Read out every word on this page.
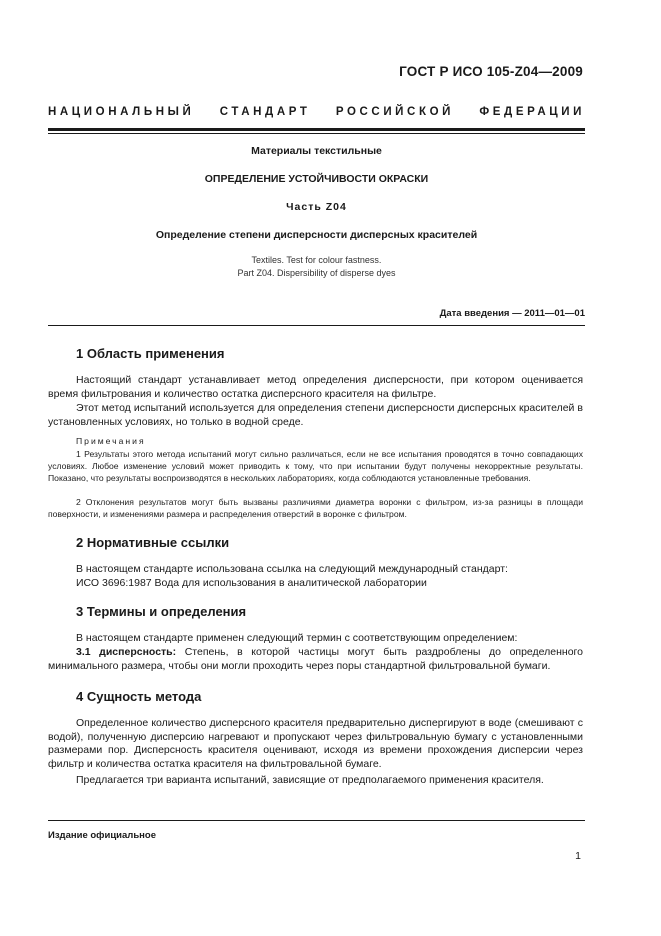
ГОСТ Р ИСО 105-Z04—2009
НАЦИОНАЛЬНЫЙ СТАНДАРТ РОССИЙСКОЙ ФЕДЕРАЦИИ
Материалы текстильные
ОПРЕДЕЛЕНИЕ УСТОЙЧИВОСТИ ОКРАСКИ
Часть Z04
Определение степени дисперсности дисперсных красителей
Textiles. Test for colour fastness.
Part Z04. Dispersibility of disperse dyes
Дата введения — 2011—01—01
1 Область применения
Настоящий стандарт устанавливает метод определения дисперсности, при котором оценивается время фильтрования и количество остатка дисперсного красителя на фильтре.
Этот метод испытаний используется для определения степени дисперсности дисперсных красителей в установленных условиях, но только в водной среде.
Примечания
1 Результаты этого метода испытаний могут сильно различаться, если не все испытания проводятся в точно совпадающих условиях. Любое изменение условий может приводить к тому, что при испытании будут получены некорректные результаты. Показано, что результаты воспроизводятся в нескольких лабораториях, когда соблюдаются установленные требования.
2 Отклонения результатов могут быть вызваны различиями диаметра воронки с фильтром, из-за разницы в площади поверхности, и изменениями размера и распределения отверстий в воронке с фильтром.
2 Нормативные ссылки
В настоящем стандарте использована ссылка на следующий международный стандарт:
ИСО 3696:1987 Вода для использования в аналитической лаборатории
3 Термины и определения
В настоящем стандарте применен следующий термин с соответствующим определением:
3.1 дисперсность: Степень, в которой частицы могут быть раздроблены до определенного минимального размера, чтобы они могли проходить через поры стандартной фильтровальной бумаги.
4 Сущность метода
Определенное количество дисперсного красителя предварительно диспергируют в воде (смешивают с водой), полученную дисперсию нагревают и пропускают через фильтровальную бумагу с установленными размерами пор. Дисперсность красителя оценивают, исходя из времени прохождения дисперсии через фильтр и количества остатка красителя на фильтровальной бумаге.
Предлагается три варианта испытаний, зависящие от предполагаемого применения красителя.
Издание официальное
1
